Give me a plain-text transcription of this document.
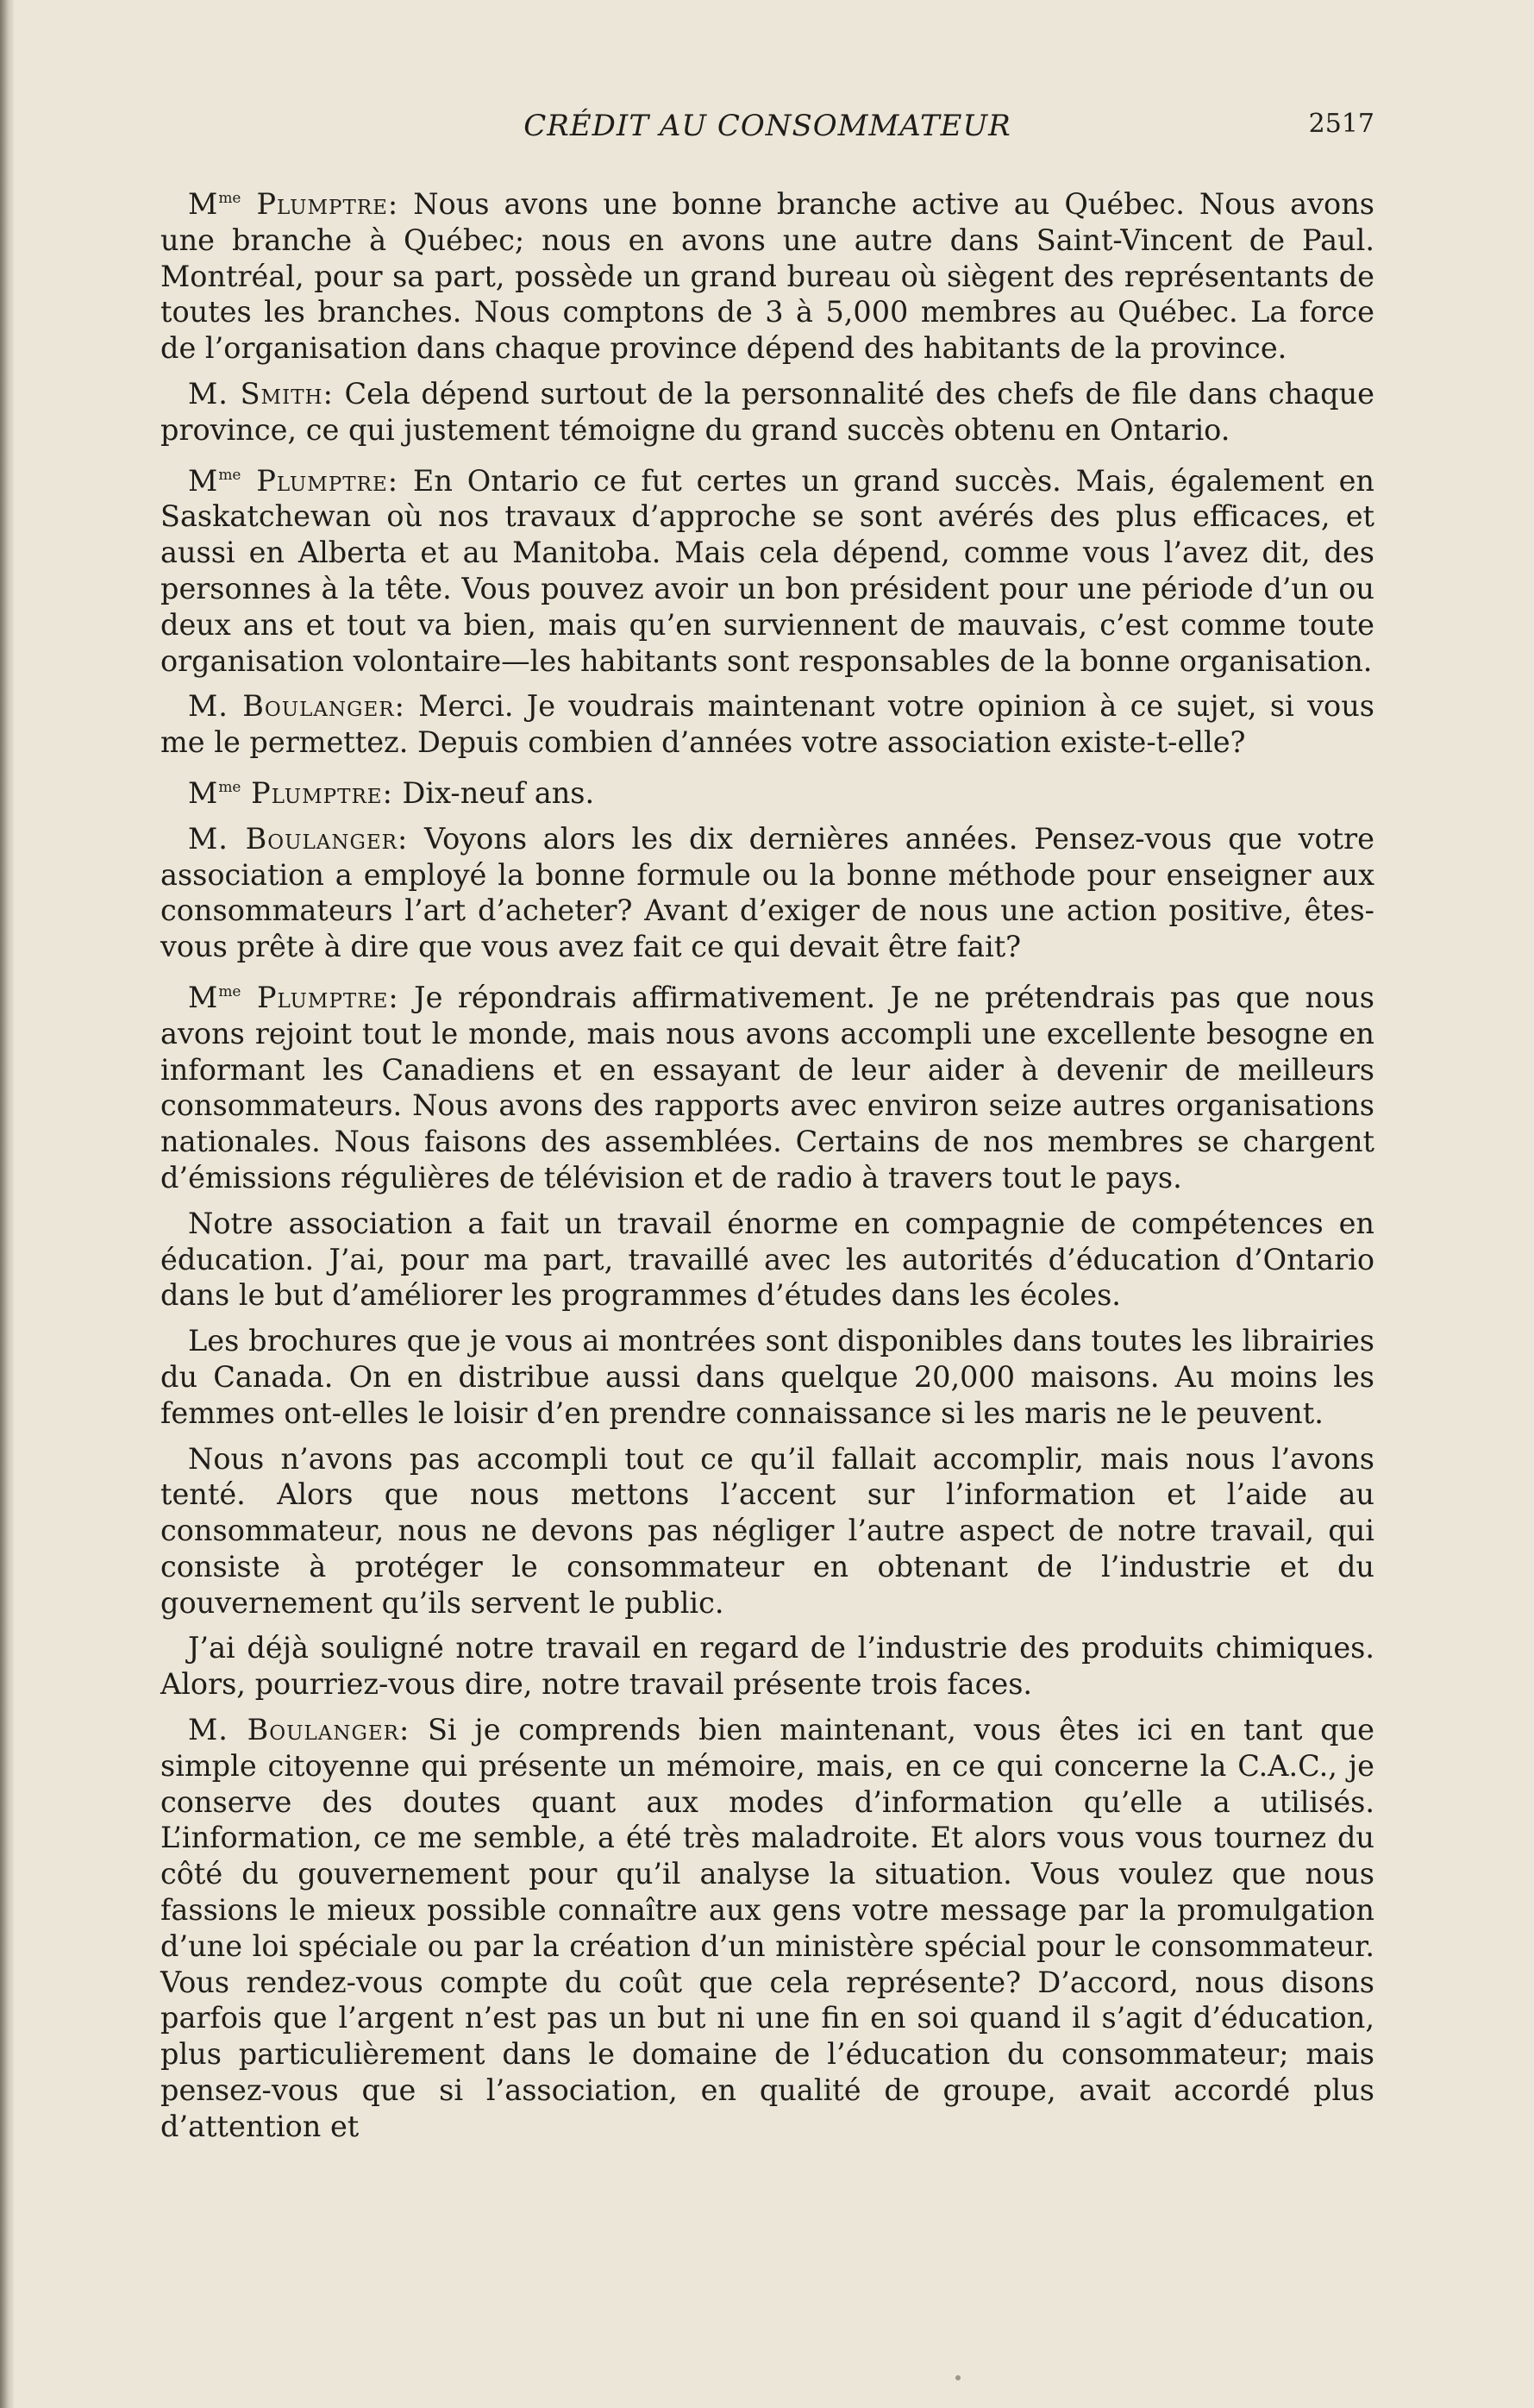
CRÉDIT AU CONSOMMATEUR	2517

$M^{me}$ Plumptre: Nous avons une bonne branche active au Québec. Nous avons une branche à Québec; nous en avons une autre dans Saint-Vincent de Paul. Montréal, pour sa part, possède un grand bureau où siègent des représentants de toutes les branches. Nous comptons de 3 à 5,000 membres au Québec. La force de l’organisation dans chaque province dépend des habitants de la province.

M. Smith: Cela dépend surtout de la personnalité des chefs de file dans chaque province, ce qui justement témoigne du grand succès obtenu en Ontario.

$M^{me}$ Plumptre: En Ontario ce fut certes un grand succès. Mais, également en Saskatchewan où nos travaux d’approche se sont avérés des plus efficaces, et aussi en Alberta et au Manitoba. Mais cela dépend, comme vous l’avez dit, des personnes à la tête. Vous pouvez avoir un bon président pour une période d’un ou deux ans et tout va bien, mais qu’en surviennent de mauvais, c’est comme toute organisation volontaire—les habitants sont responsables de la bonne organisation.

M. Boulanger: Merci. Je voudrais maintenant votre opinion à ce sujet, si vous me le permettez. Depuis combien d’années votre association existe-t-elle?

$M^{me}$ Plumptre: Dix-neuf ans.

M. Boulanger: Voyons alors les dix dernières années. Pensez-vous que votre association a employé la bonne formule ou la bonne méthode pour enseigner aux consommateurs l’art d’acheter? Avant d’exiger de nous une action positive, êtes-vous prête à dire que vous avez fait ce qui devait être fait?

$M^{me}$ Plumptre: Je répondrais affirmativement. Je ne prétendrais pas que nous avons rejoint tout le monde, mais nous avons accompli une excellente besogne en informant les Canadiens et en essayant de leur aider à devenir de meilleurs consommateurs. Nous avons des rapports avec environ seize autres organisations nationales. Nous faisons des assemblées. Certains de nos membres se chargent d’émissions régulières de télévision et de radio à travers tout le pays.

Notre association a fait un travail énorme en compagnie de compétences en éducation. J’ai, pour ma part, travaillé avec les autorités d’éducation d’Ontario dans le but d’améliorer les programmes d’études dans les écoles.

Les brochures que je vous ai montrées sont disponibles dans toutes les librairies du Canada. On en distribue aussi dans quelque 20,000 maisons. Au moins les femmes ont-elles le loisir d’en prendre connaissance si les maris ne le peuvent.

Nous n’avons pas accompli tout ce qu’il fallait accomplir, mais nous l’avons tenté. Alors que nous mettons l’accent sur l’information et l’aide au consommateur, nous ne devons pas négliger l’autre aspect de notre travail, qui consiste à protéger le consommateur en obtenant de l’industrie et du gouvernement qu’ils servent le public.

J’ai déjà souligné notre travail en regard de l’industrie des produits chimiques. Alors, pourriez-vous dire, notre travail présente trois faces.

M. Boulanger: Si je comprends bien maintenant, vous êtes ici en tant que simple citoyenne qui présente un mémoire, mais, en ce qui concerne la C.A.C., je conserve des doutes quant aux modes d’information qu’elle a utilisés. L’information, ce me semble, a été très maladroite. Et alors vous vous tournez du côté du gouvernement pour qu’il analyse la situation. Vous voulez que nous fassions le mieux possible connaître aux gens votre message par la promulgation d’une loi spéciale ou par la création d’un ministère spécial pour le consommateur. Vous rendez-vous compte du coût que cela représente? D’accord, nous disons parfois que l’argent n’est pas un but ni une fin en soi quand il s’agit d’éducation, plus particulièrement dans le domaine de l’éducation du consommateur; mais pensez-vous que si l’association, en qualité de groupe, avait accordé plus d’attention et
